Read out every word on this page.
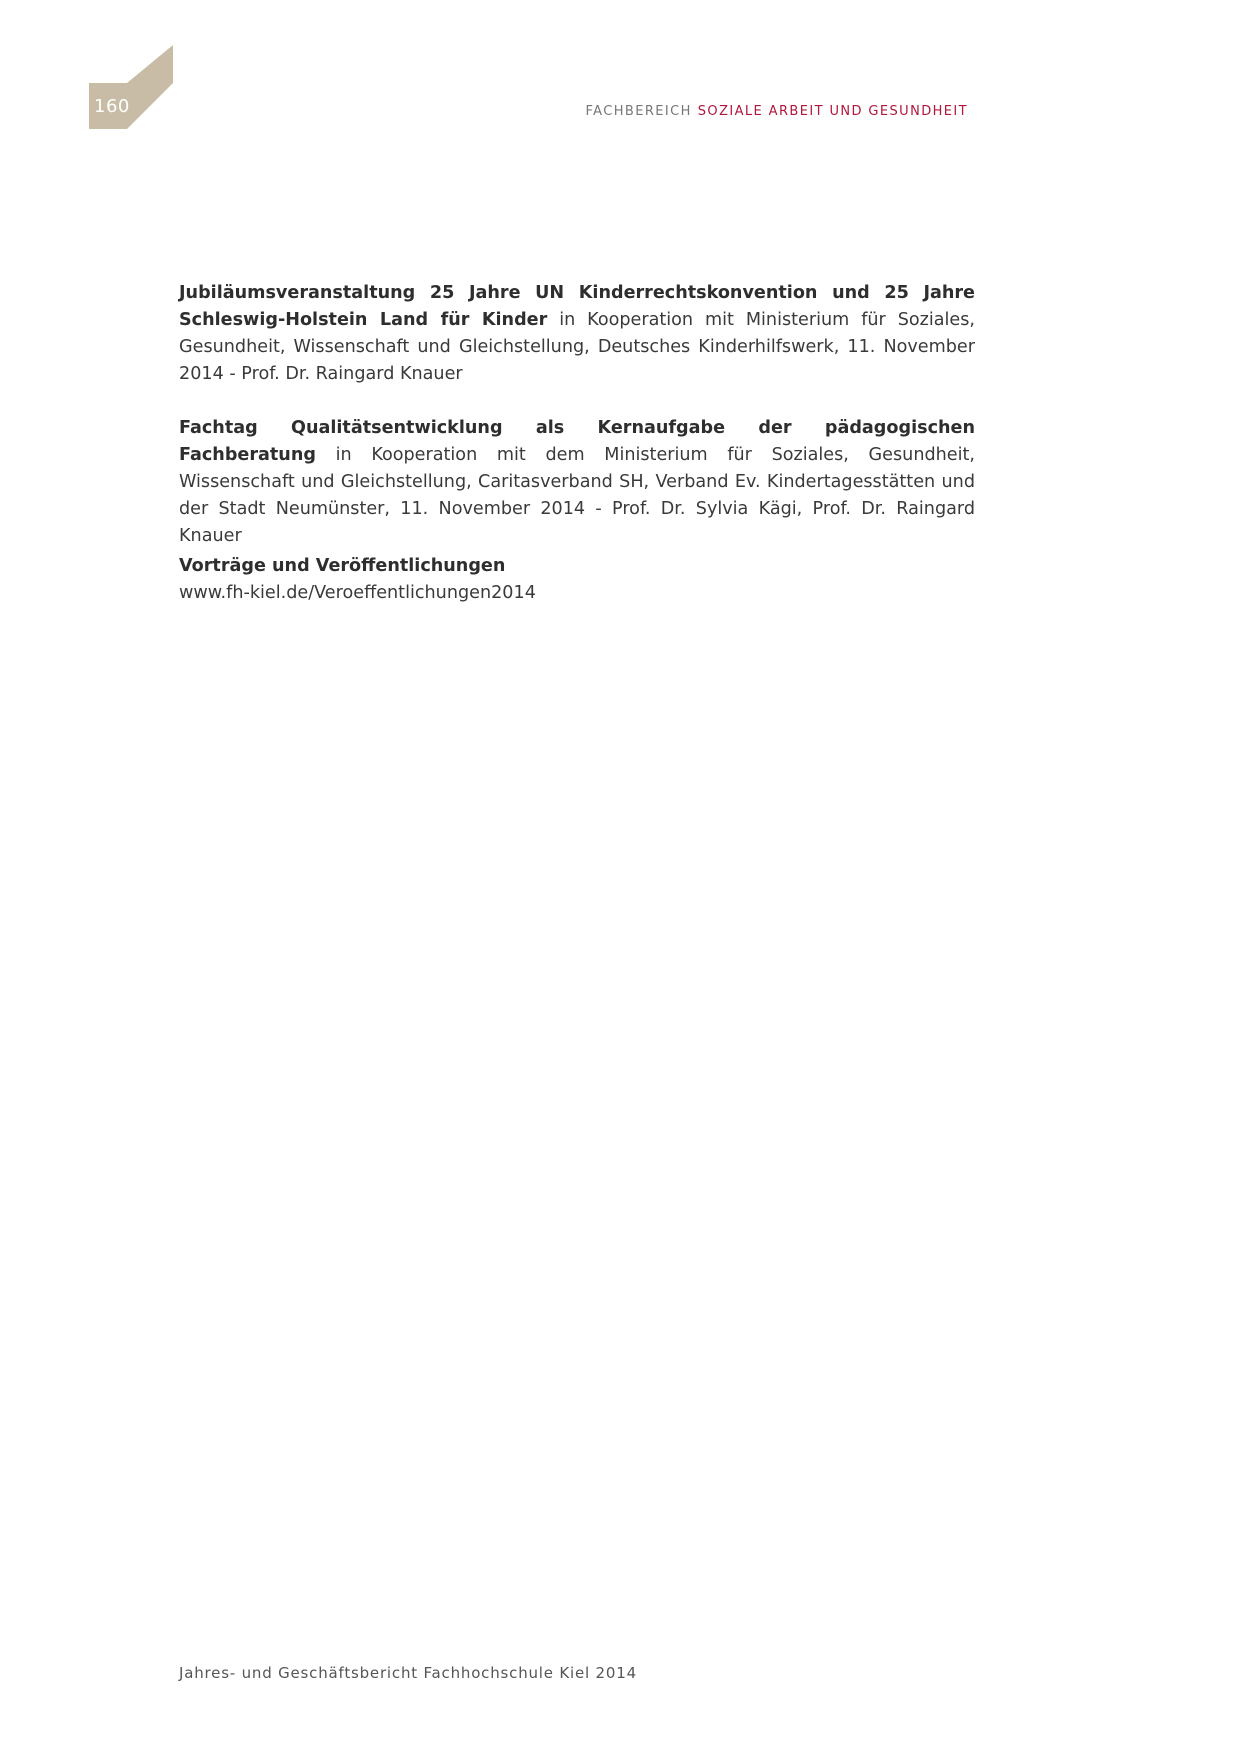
160	FACHBEREICH SOZIALE ARBEIT UND GESUNDHEIT

Jubiläumsveranstaltung 25 Jahre UN Kinderrechtskonvention und 25 Jahre Schleswig-Holstein Land für Kinder in Kooperation mit Ministerium für Soziales, Gesundheit, Wissenschaft und Gleichstellung, Deutsches Kinderhilfswerk, 11. November 2014 - Prof. Dr. Raingard Knauer

Fachtag Qualitätsentwicklung als Kernaufgabe der pädagogischen Fachberatung in Kooperation mit dem Ministerium für Soziales, Gesundheit, Wissenschaft und Gleichstellung, Caritasverband SH, Verband Ev. Kindertagesstätten und der Stadt Neumünster, 11. November 2014 - Prof. Dr. Sylvia Kägi, Prof. Dr. Raingard Knauer

Vorträge und Veröffentlichungen
www.fh-kiel.de/Veroeffentlichungen2014
Jahres- und Geschäftsbericht Fachhochschule Kiel 2014
